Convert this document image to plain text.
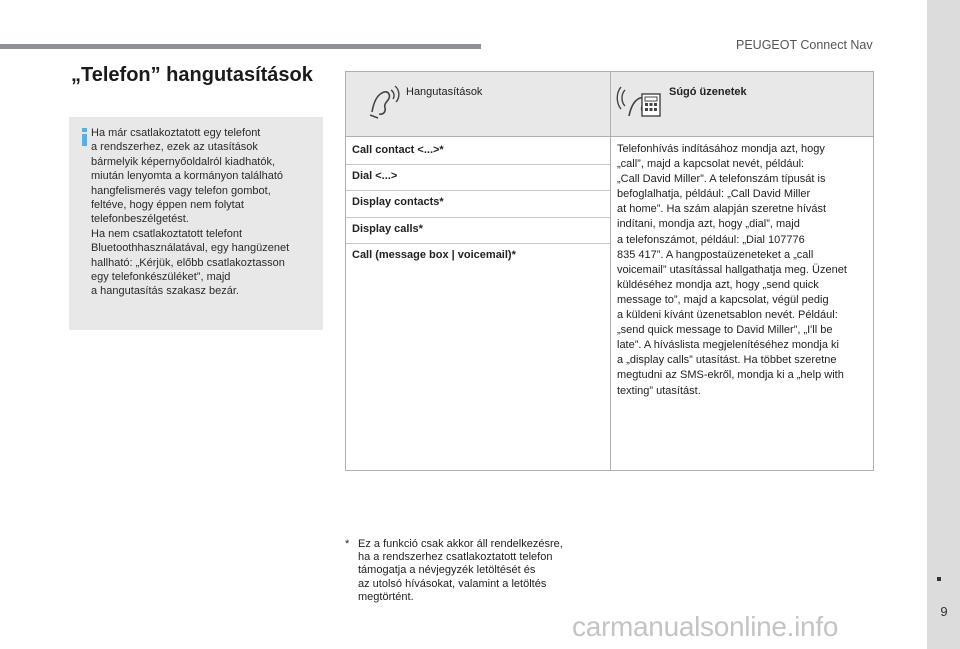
PEUGEOT Connect Nav
9
„Telefon” hangutasítások
Ha már csatlakoztatott egy telefont
a rendszerhez, ezek az utasítások
bármelyik képernyőoldalról kiadhatók,
miután lenyomta a kormányon található
hangfelismerés vagy telefon gombot,
feltéve, hogy éppen nem folytat
telefonbeszélgetést.
Ha nem csatlakoztatott telefont
Bluetoothhasználatával, egy hangüzenet
hallható: „Kérjük, előbb csatlakoztasson
egy telefonkészüléket”, majd
a hangutasítás szakasz bezár.
Hangutasítások	Súgó üzenetek
Call contact <...>*
Dial <...>
Display contacts*
Display calls*
Call (message box | voicemail)*
Telefonhívás indításához mondja azt, hogy
„call”, majd a kapcsolat nevét, például:
„Call David Miller”. A telefonszám típusát is
befoglalhatja, például: „Call David Miller
at home”. Ha szám alapján szeretne hívást
indítani, mondja azt, hogy „dial”, majd
a telefonszámot, például: „Dial 107776
835 417”. A hangpostaüzeneteket a „call
voicemail” utasítással hallgathatja meg. Üzenet
küldéséhez mondja azt, hogy „send quick
message to”, majd a kapcsolat, végül pedig
a küldeni kívánt üzenetsablon nevét. Például:
„send quick message to David Miller”, „I'll be
late”. A híváslista megjelenítéséhez mondja ki
a „display calls” utasítást. Ha többet szeretne
megtudni az SMS-ekről, mondja ki a „help with
texting” utasítást.
* Ez a funkció csak akkor áll rendelkezésre,
ha a rendszerhez csatlakoztatott telefon
támogatja a névjegyzék letöltését és
az utolsó hívásokat, valamint a letöltés
megtörtént.
carmanualsonline.info
